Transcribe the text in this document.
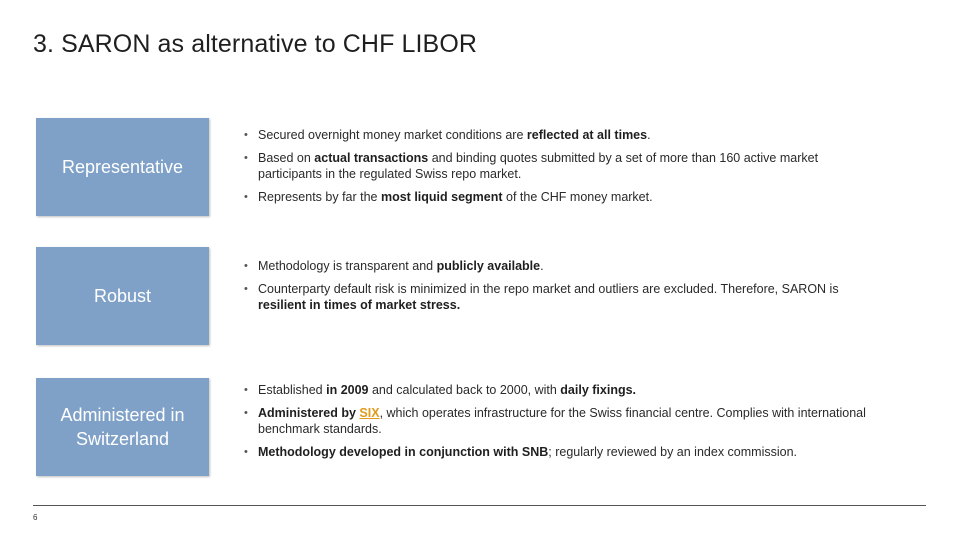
3. SARON as alternative to CHF LIBOR
Representative
• Secured overnight money market conditions are reflected at all times.
• Based on actual transactions and binding quotes submitted by a set of more than 160 active market participants in the regulated Swiss repo market.
• Represents by far the most liquid segment of the CHF money market.
Robust
• Methodology is transparent and publicly available.
• Counterparty default risk is minimized in the repo market and outliers are excluded. Therefore, SARON is resilient in times of market stress.
Administered in
Switzerland
• Established in 2009 and calculated back to 2000, with daily fixings.
• Administered by SIX, which operates infrastructure for the Swiss financial centre. Complies with international benchmark standards.
• Methodology developed in conjunction with SNB; regularly reviewed by an index commission.
6
